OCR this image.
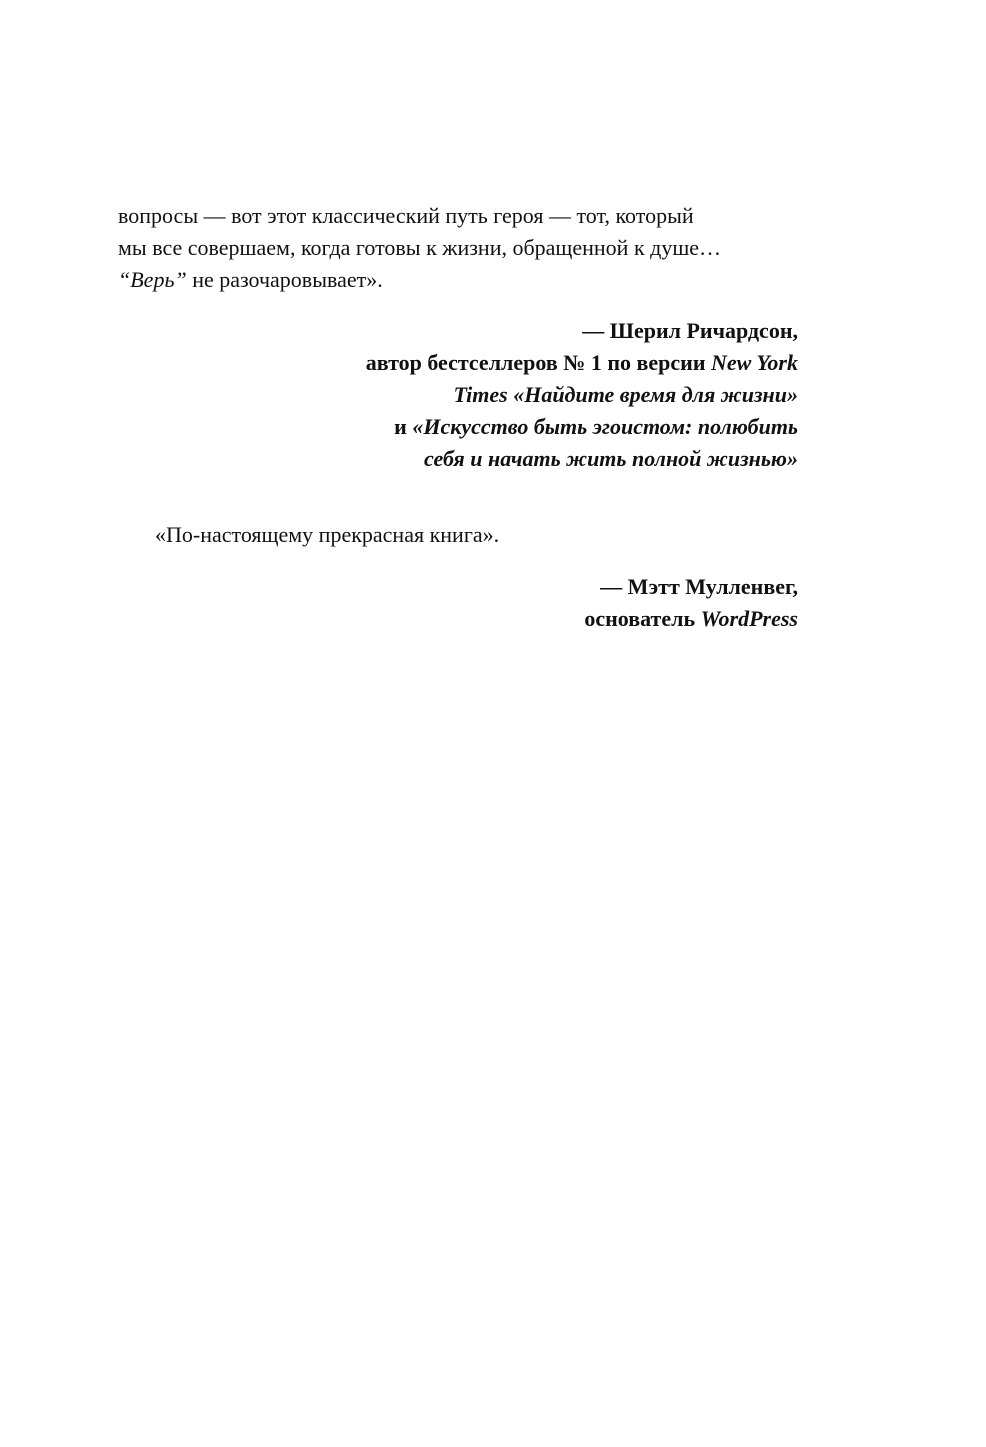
вопросы — вот этот классический путь героя — тот, который
мы все совершаем, когда готовы к жизни, обращенной к душе…
“Верь” не разочаровывает».

— Шерил Ричардсон,
автор бестселлеров № 1 по версии New York
Times «Найдите время для жизни»
и «Искусство быть эгоистом: полюбить
себя и начать жить полной жизнью»

«По-настоящему прекрасная книга».

— Мэтт Мулленвег,
основатель WordPress
